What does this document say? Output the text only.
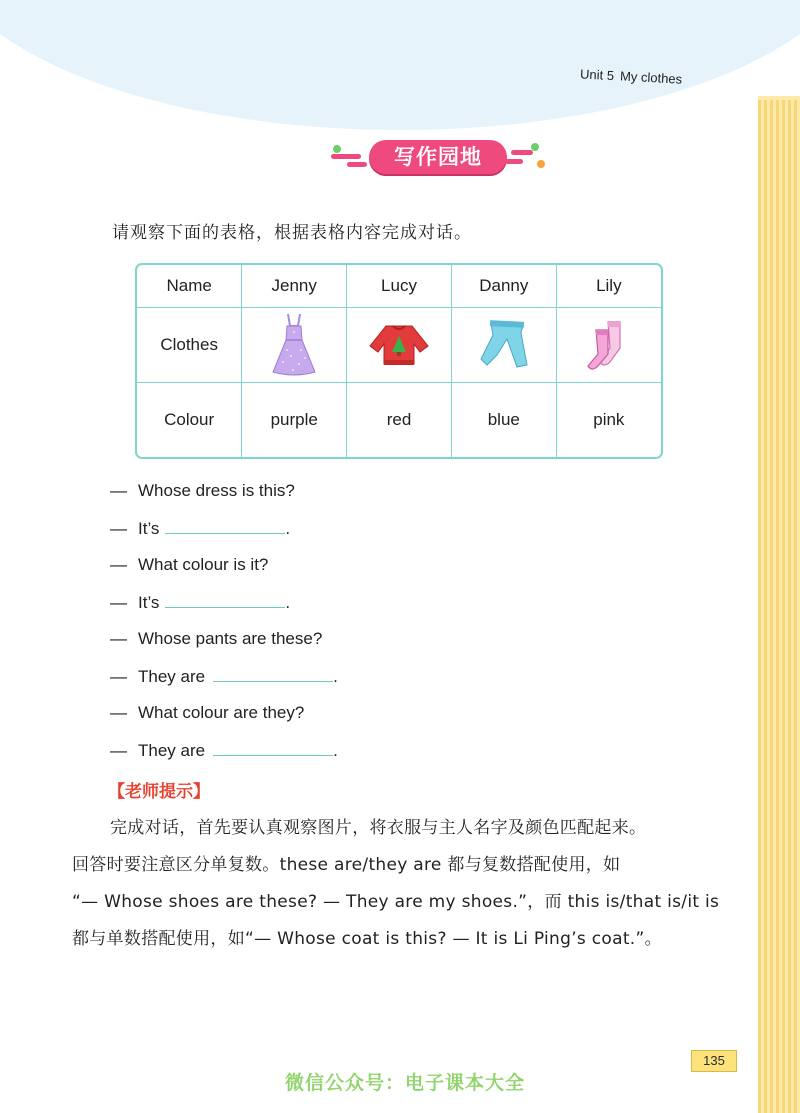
Unit 5 My clothes
写作园地
请观察下面的表格，根据表格内容完成对话。
Name	Jenny	Lucy	Danny	Lily
Clothes	

Colour	purple	red	blue	pink
— Whose dress is this?
— It’s	.
— What colour is it?
— It’s	.
— Whose pants are these?
— They are	.
— What colour are they?
— They are	.
【老师提示】

完成对话，首先要认真观察图片，将衣服与主人名字及颜色匹配起来。

回答时要注意区分单复数。these are/they are 都与复数搭配使用，如

“— Whose shoes are these? — They are my shoes.”，而 this is/that is/it is

都与单数搭配使用，如“— Whose coat is this? — It is Li Ping’s coat.”。

135
微信公众号：电子课本大全
